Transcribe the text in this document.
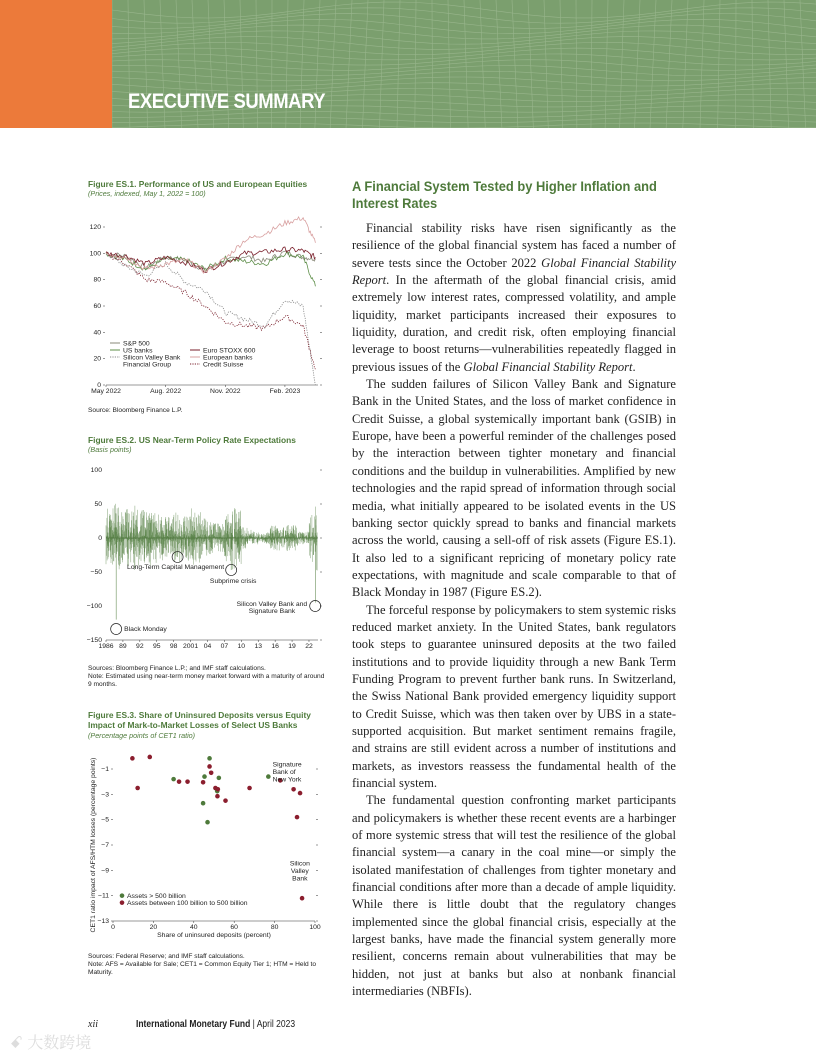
EXECUTIVE SUMMARY
Figure ES.1. Performance of US and European Equities
(Prices, indexed, May 1, 2022 = 100)
0
20
40
60
80
100
120
May 2022	Aug. 2022	Nov. 2022	Feb. 2023
S&P 500
US banks
Silicon Valley Bank
Financial Group
Euro STOXX 600
European banks
Credit Suisse
Source: Bloomberg Finance L.P.
Figure ES.2. US Near-Term Policy Rate Expectations
(Basis points)
−150
−100
−50
0
50
100
1986 89 92 95 98 2001 04 07 10 13 16 19 22
Black Monday
Long-Term Capital Management
Subprime crisis
Silicon Valley Bank and
Signature Bank
Sources: Bloomberg Finance L.P.; and IMF staff calculations.
Note: Estimated using near-term money market forward with a maturity of around 9 months.
Figure ES.3. Share of Uninsured Deposits versus Equity Impact of Mark-to-Market Losses of Select US Banks
(Percentage points of CET1 ratio)
−13
−11
−9
−7
−5
−3
−1
0	20	40	60	80	100
Share of uninsured deposits (percent)
CET1 ratio impact of AFS/HTM losses (percentage points)	Assets > 500 billion
Assets between 100 billion to 500 billion
Signature
Bank of
New York
Silicon
Valley
Bank
Sources: Federal Reserve; and IMF staff calculations.
Note: AFS = Available for Sale; CET1 = Common Equity Tier 1; HTM = Held to Maturity.
A Financial System Tested by Higher Inflation and Interest Rates

Financial stability risks have risen significantly as the resilience of the global financial system has faced a number of severe tests since the October 2022 Global Financial Stability Report. In the aftermath of the global financial crisis, amid extremely low interest rates, compressed volatility, and ample liquidity, market participants increased their exposures to liquidity, duration, and credit risk, often employing financial leverage to boost returns—vulnerabilities repeatedly flagged in previous issues of the Global Financial Stability Report.

The sudden failures of Silicon Valley Bank and Signature Bank in the United States, and the loss of market confidence in Credit Suisse, a global systemically important bank (GSIB) in Europe, have been a powerful reminder of the challenges posed by the interaction between tighter monetary and financial conditions and the buildup in vulnerabilities. Amplified by new technologies and the rapid spread of information through social media, what initially appeared to be isolated events in the US banking sector quickly spread to banks and financial markets across the world, causing a sell-off of risk assets (Figure ES.1). It also led to a significant repricing of monetary policy rate expectations, with magnitude and scale comparable to that of Black Monday in 1987 (Figure ES.2).

The forceful response by policymakers to stem systemic risks reduced market anxiety. In the United States, bank regulators took steps to guarantee uninsured deposits at the two failed institutions and to provide liquidity through a new Bank Term Funding Program to prevent further bank runs. In Switzerland, the Swiss National Bank provided emergency liquidity support to Credit Suisse, which was then taken over by UBS in a state-supported acquisition. But market sentiment remains fragile, and strains are still evident across a number of institutions and markets, as investors reassess the fundamental health of the financial system.

The fundamental question confronting market participants and policymakers is whether these recent events are a harbinger of more systemic stress that will test the resilience of the global financial system—a canary in the coal mine—or simply the isolated manifestation of challenges from tighter monetary and financial conditions after more than a decade of ample liquidity. While there is little doubt that the regulatory changes implemented since the global financial crisis, especially at the largest banks, have made the financial system generally more resilient, concerns remain about vulnerabilities that may be hidden, not just at banks but also at nonbank financial intermediaries (NBFIs).

xii	International Monetary Fund | April 2023
ꗃ 大数跨境
